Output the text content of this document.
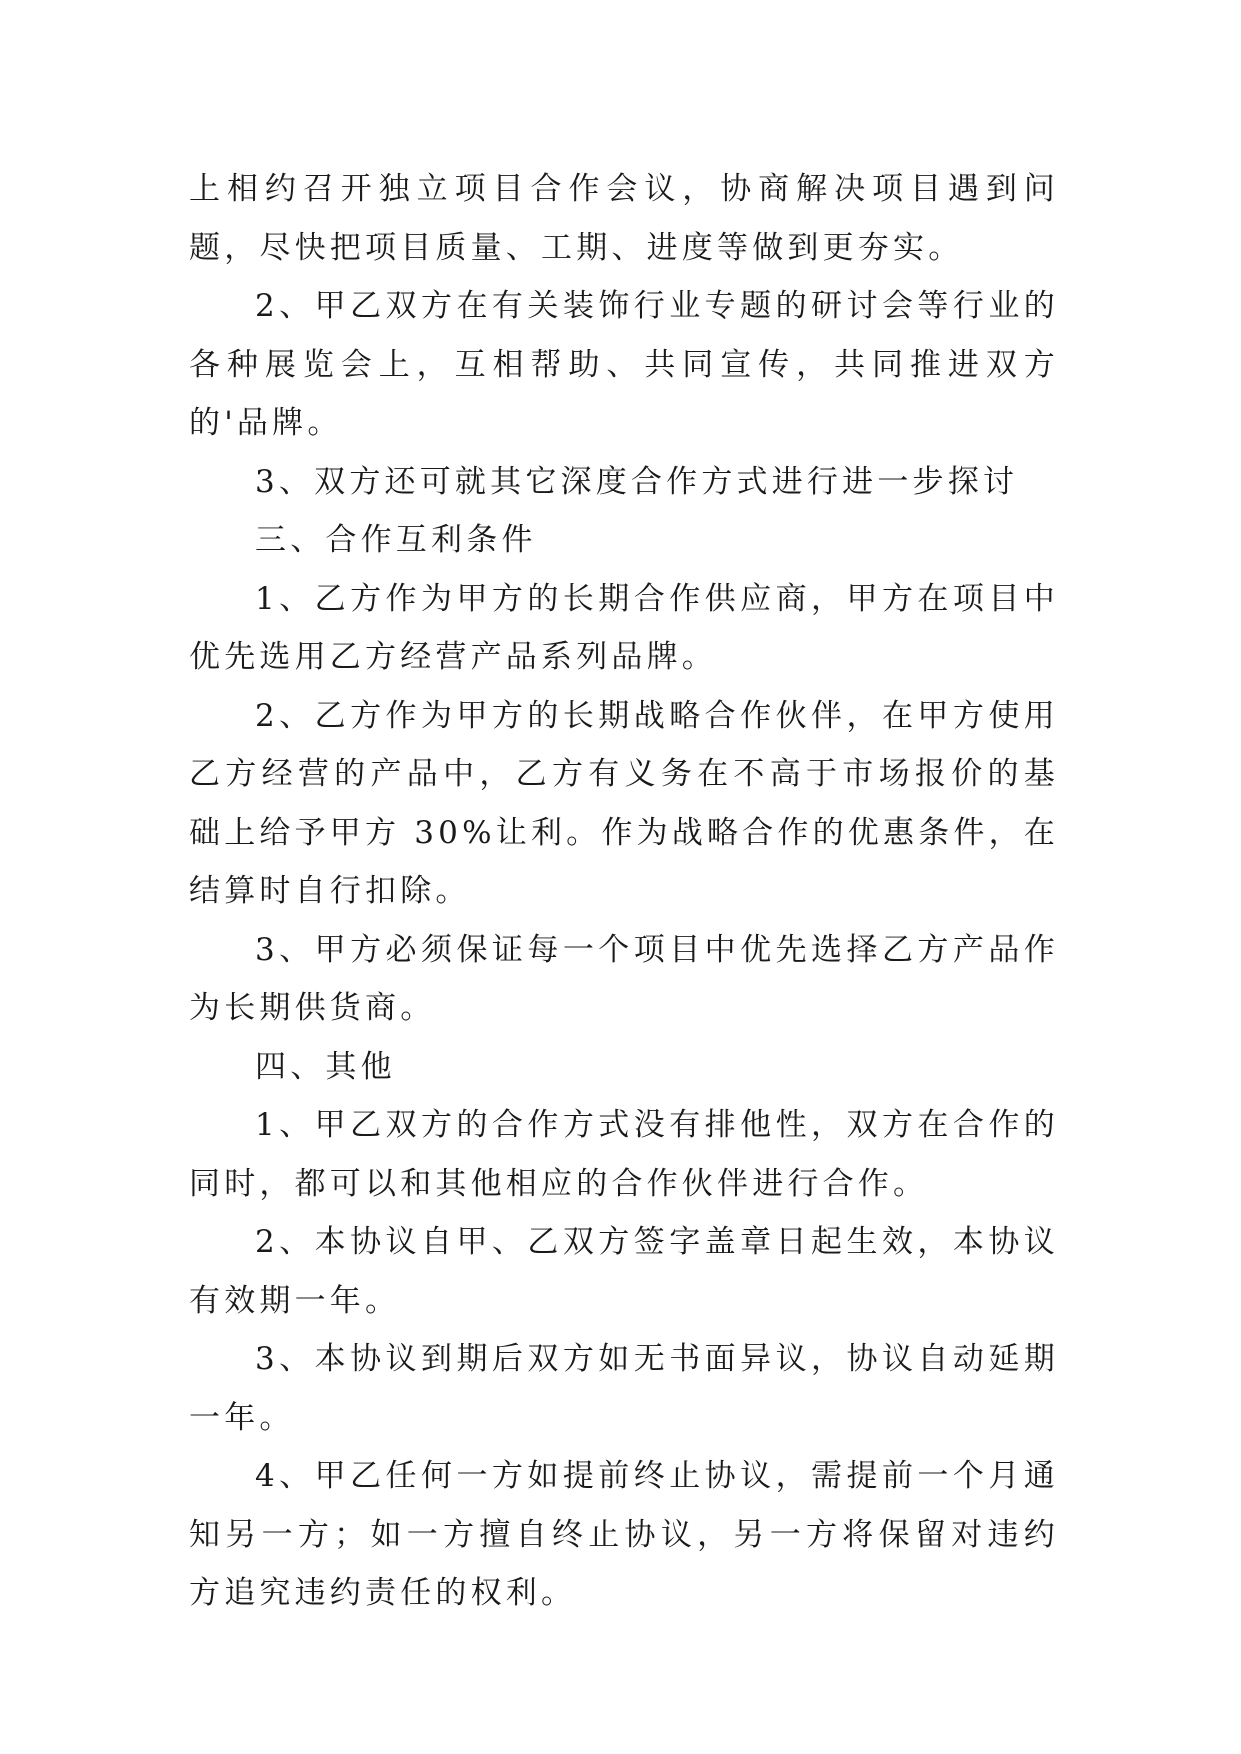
上相约召开独立项目合作会议，协商解决项目遇到问题，尽快把项目质量、工期、进度等做到更夯实。

2、甲乙双方在有关装饰行业专题的研讨会等行业的各种展览会上，互相帮助、共同宣传，共同推进双方的'品牌。

3、双方还可就其它深度合作方式进行进一步探讨

三、合作互利条件

1、乙方作为甲方的长期合作供应商，甲方在项目中优先选用乙方经营产品系列品牌。

2、乙方作为甲方的长期战略合作伙伴，在甲方使用乙方经营的产品中，乙方有义务在不高于市场报价的基础上给予甲方 30%让利。作为战略合作的优惠条件，在结算时自行扣除。

3、甲方必须保证每一个项目中优先选择乙方产品作为长期供货商。

四、其他

1、甲乙双方的合作方式没有排他性，双方在合作的同时，都可以和其他相应的合作伙伴进行合作。

2、本协议自甲、乙双方签字盖章日起生效，本协议有效期一年。

3、本协议到期后双方如无书面异议，协议自动延期一年。

4、甲乙任何一方如提前终止协议，需提前一个月通知另一方；如一方擅自终止协议，另一方将保留对违约方追究违约责任的权利。
